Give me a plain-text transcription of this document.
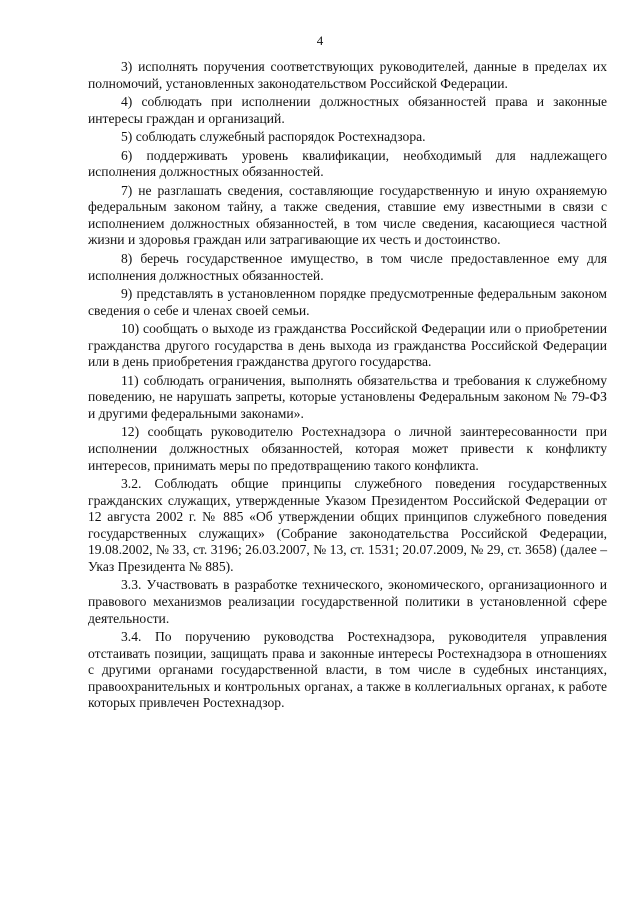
4

3) исполнять поручения соответствующих руководителей, данные в пределах их полномочий, установленных законодательством Российской Федерации.

4) соблюдать при исполнении должностных обязанностей права и законные интересы граждан и организаций.

5) соблюдать служебный распорядок Ростехнадзора.

6) поддерживать уровень квалификации, необходимый для надлежащего исполнения должностных обязанностей.

7) не разглашать сведения, составляющие государственную и иную охраняемую федеральным законом тайну, а также сведения, ставшие ему известными в связи с исполнением должностных обязанностей, в том числе сведения, касающиеся частной жизни и здоровья граждан или затрагивающие их честь и достоинство.

8) беречь государственное имущество, в том числе предоставленное ему для исполнения должностных обязанностей.

9) представлять в установленном порядке предусмотренные федеральным законом сведения о себе и членах своей семьи.

10) сообщать о выходе из гражданства Российской Федерации или о приобретении гражданства другого государства в день выхода из гражданства Российской Федерации или в день приобретения гражданства другого государства.

11) соблюдать ограничения, выполнять обязательства и требования к служебному поведению, не нарушать запреты, которые установлены Федеральным законом № 79-ФЗ и другими федеральными законами».

12) сообщать руководителю Ростехнадзора о личной заинтересованности при исполнении должностных обязанностей, которая может привести к конфликту интересов, принимать меры по предотвращению такого конфликта.

3.2. Соблюдать общие принципы служебного поведения государственных гражданских служащих, утвержденные Указом Президентом Российской Федерации от 12 августа 2002 г. № 885 «Об утверждении общих принципов служебного поведения государственных служащих» (Собрание законодательства Российской Федерации, 19.08.2002, № 33, ст. 3196; 26.03.2007, № 13, ст. 1531; 20.07.2009, № 29, ст. 3658) (далее – Указ Президента № 885).

3.3. Участвовать в разработке технического, экономического, организационного и правового механизмов реализации государственной политики в установленной сфере деятельности.

3.4. По поручению руководства Ростехнадзора, руководителя управления отстаивать позиции, защищать права и законные интересы Ростехнадзора в отношениях с другими органами государственной власти, в том числе в судебных инстанциях, правоохранительных и контрольных органах, а также в коллегиальных органах, к работе которых привлечен Ростехнадзор.
